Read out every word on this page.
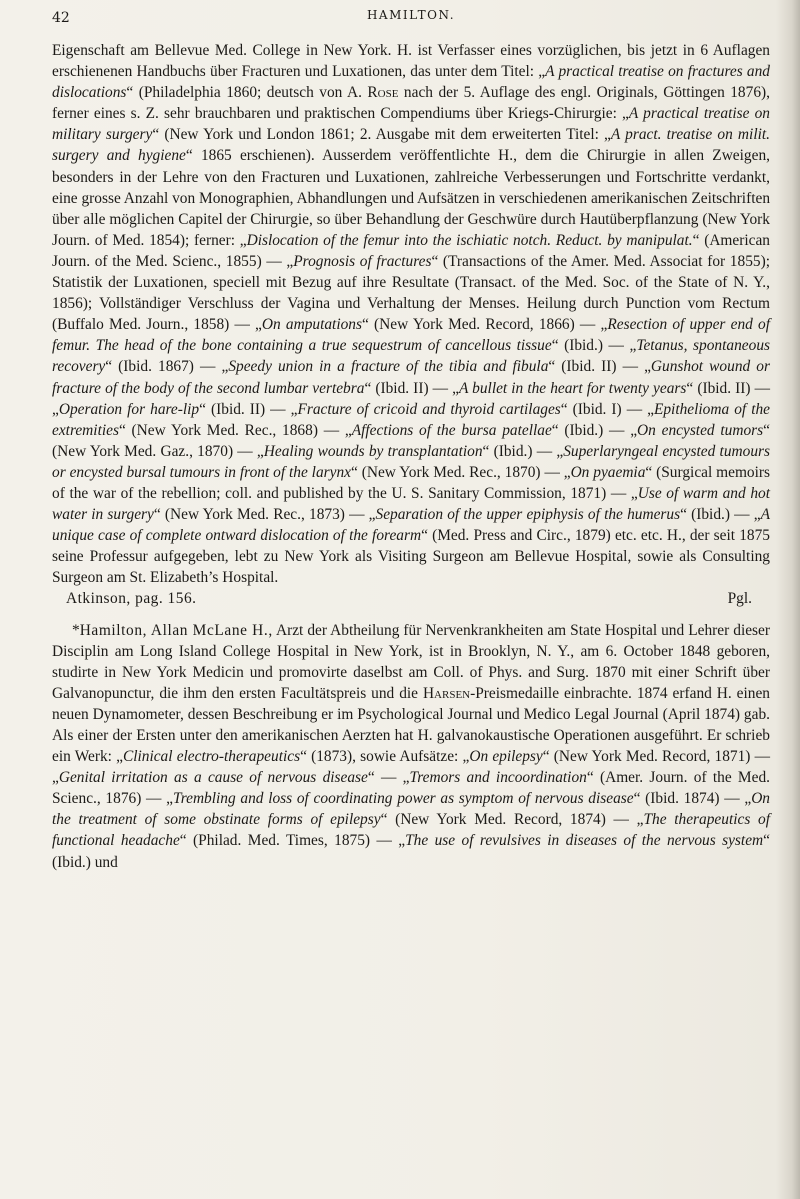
42	HAMILTON.

Eigenschaft am Bellevue Med. College in New York. H. ist Verfasser eines vorzüglichen, bis jetzt in 6 Auflagen erschienenen Handbuchs über Fracturen und Luxationen, das unter dem Titel: „A practical treatise on fractures and dislocations“ (Philadelphia 1860; deutsch von A. Rose nach der 5. Auflage des engl. Originals, Göttingen 1876), ferner eines s. Z. sehr brauchbaren und praktischen Compendiums über Kriegs-Chirurgie: „A practical treatise on military surgery“ (New York und London 1861; 2. Ausgabe mit dem erweiterten Titel: „A pract. treatise on milit. surgery and hygiene“ 1865 erschienen). Ausserdem veröffentlichte H., dem die Chirurgie in allen Zweigen, besonders in der Lehre von den Fracturen und Luxationen, zahlreiche Verbesserungen und Fortschritte verdankt, eine grosse Anzahl von Monographien, Abhandlungen und Aufsätzen in verschiedenen amerikanischen Zeitschriften über alle möglichen Capitel der Chirurgie, so über Behandlung der Geschwüre durch Hautüberpflanzung (New York Journ. of Med. 1854); ferner: „Dislocation of the femur into the ischiatic notch. Reduct. by manipulat.“ (American Journ. of the Med. Scienc., 1855) — „Prognosis of fractures“ (Transactions of the Amer. Med. Associat for 1855); Statistik der Luxationen, speciell mit Bezug auf ihre Resultate (Transact. of the Med. Soc. of the State of N. Y., 1856); Vollständiger Verschluss der Vagina und Verhaltung der Menses. Heilung durch Punction vom Rectum (Buffalo Med. Journ., 1858) — „On amputations“ (New York Med. Record, 1866) — „Resection of upper end of femur. The head of the bone containing a true sequestrum of cancellous tissue“ (Ibid.) — „Tetanus, spontaneous recovery“ (Ibid. 1867) — „Speedy union in a fracture of the tibia and fibula“ (Ibid. II) — „Gunshot wound or fracture of the body of the second lumbar vertebra“ (Ibid. II) — „A bullet in the heart for twenty years“ (Ibid. II) — „Operation for hare-lip“ (Ibid. II) — „Fracture of cricoid and thyroid cartilages“ (Ibid. I) — „Epithelioma of the extremities“ (New York Med. Rec., 1868) — „Affections of the bursa patellae“ (Ibid.) — „On encysted tumors“ (New York Med. Gaz., 1870) — „Healing wounds by transplantation“ (Ibid.) — „Superlaryngeal encysted tumours or encysted bursal tumours in front of the larynx“ (New York Med. Rec., 1870) — „On pyaemia“ (Surgical memoirs of the war of the rebellion; coll. and published by the U. S. Sanitary Commission, 1871) — „Use of warm and hot water in surgery“ (New York Med. Rec., 1873) — „Separation of the upper epiphysis of the humerus“ (Ibid.) — „A unique case of complete ontward dislocation of the forearm“ (Med. Press and Circ., 1879) etc. etc. H., der seit 1875 seine Professur aufgegeben, lebt zu New York als Visiting Surgeon am Bellevue Hospital, sowie als Consulting Surgeon am St. Elizabeth’s Hospital.

Atkinson, pag. 156.	Pgl.

*Hamilton, Allan McLane H., Arzt der Abtheilung für Nervenkrankheiten am State Hospital und Lehrer dieser Disciplin am Long Island College Hospital in New York, ist in Brooklyn, N. Y., am 6. October 1848 geboren, studirte in New York Medicin und promovirte daselbst am Coll. of Phys. and Surg. 1870 mit einer Schrift über Galvanopunctur, die ihm den ersten Facultätspreis und die Harsen-Preismedaille einbrachte. 1874 erfand H. einen neuen Dynamometer, dessen Beschreibung er im Psychological Journal und Medico Legal Journal (April 1874) gab. Als einer der Ersten unter den amerikanischen Aerzten hat H. galvanokaustische Operationen ausgeführt. Er schrieb ein Werk: „Clinical electro-therapeutics“ (1873), sowie Aufsätze: „On epilepsy“ (New York Med. Record, 1871) — „Genital irritation as a cause of nervous disease“ — „Tremors and incoordination“ (Amer. Journ. of the Med. Scienc., 1876) — „Trembling and loss of coordinating power as symptom of nervous disease“ (Ibid. 1874) — „On the treatment of some obstinate forms of epilepsy“ (New York Med. Record, 1874) — „The therapeutics of functional headache“ (Philad. Med. Times, 1875) — „The use of revulsives in diseases of the nervous system“ (Ibid.) und
